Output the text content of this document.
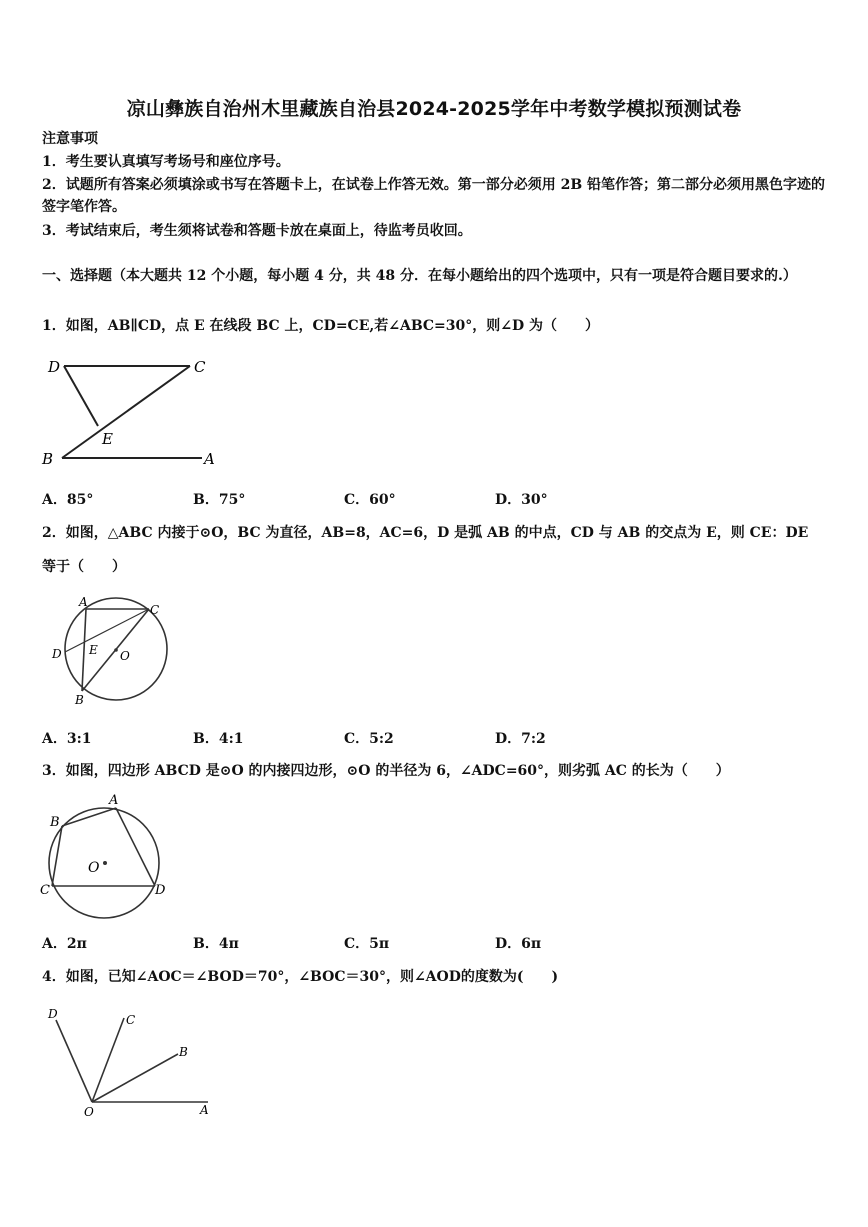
凉山彝族自治州木里藏族自治县2024-2025学年中考数学模拟预测试卷
注意事项
1．考生要认真填写考场号和座位序号。
2．试题所有答案必须填涂或书写在答题卡上，在试卷上作答无效。第一部分必须用 2B 铅笔作答；第二部分必须用黑色字迹的签字笔作答。
3．考试结束后，考生须将试卷和答题卡放在桌面上，待监考员收回。
一、选择题（本大题共 12 个小题，每小题 4 分，共 48 分．在每小题给出的四个选项中，只有一项是符合题目要求的.）
1．如图，AB∥CD，点 E 在线段 BC 上，CD=CE,若∠ABC=30°，则∠D 为（　　）
D	C
E
B	A
A．85°	B．75°	C．60°	D．30°
2．如图，△ABC 内接于⊙O，BC 为直径，AB=8，AC=6，D 是弧 AB 的中点，CD 与 AB 的交点为 E，则 CE：DE
等于（　　）
A
C
D E O
B
A．3:1	B．4:1	C．5:2	D．7:2
3．如图，四边形 ABCD 是⊙O 的内接四边形，⊙O 的半径为 6，∠ADC=60°，则劣弧 AC 的长为（　　）
A
B
O
C	D
A．2π	B．4π	C．5π	D．6π
4．如图，已知∠AOC＝∠BOD＝70°，∠BOC＝30°，则∠AOD的度数为(　　)
D	C
B
O	A
